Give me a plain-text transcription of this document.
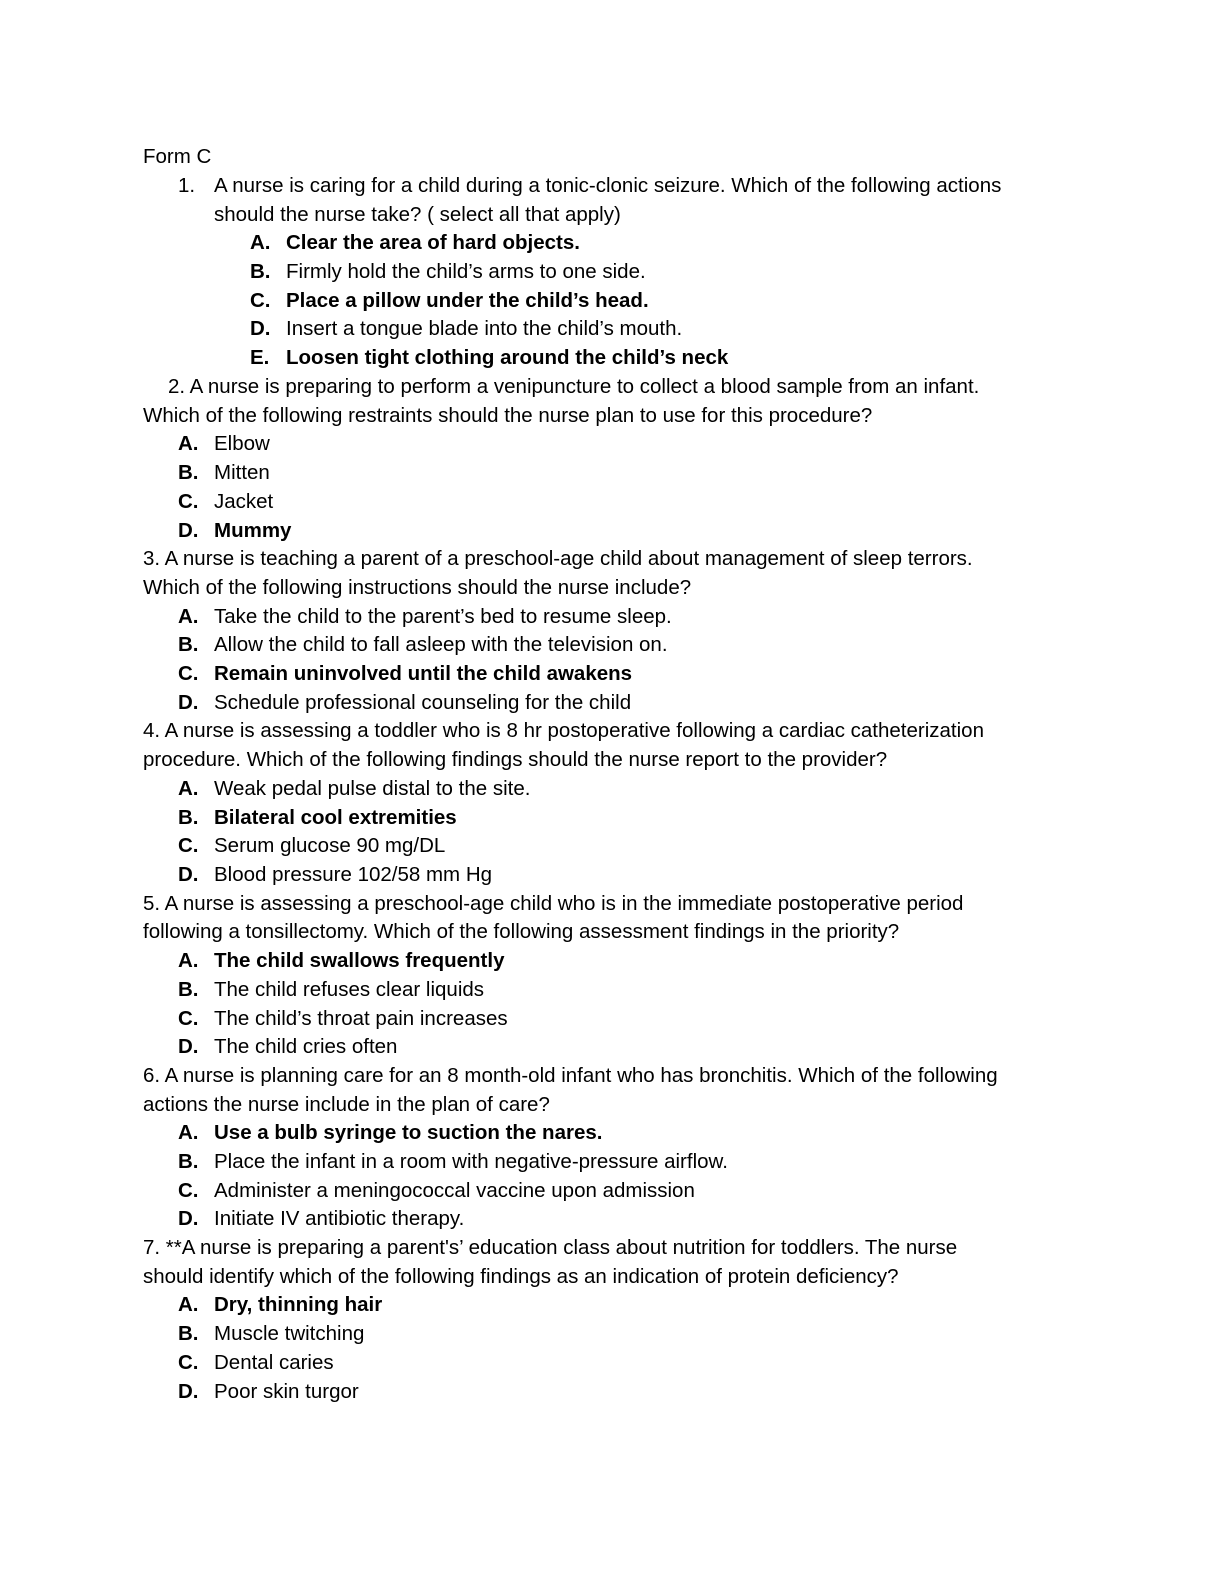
Form C
1. A nurse is caring for a child during a tonic-clonic seizure. Which of the following actions
should the nurse take? ( select all that apply)
A. Clear the area of hard objects.
B. Firmly hold the child’s arms to one side.
C. Place a pillow under the child’s head.
D. Insert a tongue blade into the child’s mouth.
E. Loosen tight clothing around the child’s neck
2. A nurse is preparing to perform a venipuncture to collect a blood sample from an infant.
Which of the following restraints should the nurse plan to use for this procedure?
A. Elbow
B. Mitten
C. Jacket
D. Mummy
3. A nurse is teaching a parent of a preschool-age child about management of sleep terrors.
Which of the following instructions should the nurse include?
A. Take the child to the parent’s bed to resume sleep.
B. Allow the child to fall asleep with the television on.
C. Remain uninvolved until the child awakens
D. Schedule professional counseling for the child
4. A nurse is assessing a toddler who is 8 hr postoperative following a cardiac catheterization
procedure. Which of the following findings should the nurse report to the provider?
A. Weak pedal pulse distal to the site.
B. Bilateral cool extremities
C. Serum glucose 90 mg/DL
D. Blood pressure 102/58 mm Hg
5. A nurse is assessing a preschool-age child who is in the immediate postoperative period
following a tonsillectomy. Which of the following assessment findings in the priority?
A. The child swallows frequently
B. The child refuses clear liquids
C. The child’s throat pain increases
D. The child cries often
6. A nurse is planning care for an 8 month-old infant who has bronchitis. Which of the following
actions the nurse include in the plan of care?
A. Use a bulb syringe to suction the nares.
B. Place the infant in a room with negative-pressure airflow.
C. Administer a meningococcal vaccine upon admission
D. Initiate IV antibiotic therapy.
7. **A nurse is preparing a parent's’ education class about nutrition for toddlers. The nurse
should identify which of the following findings as an indication of protein deficiency?
A. Dry, thinning hair
B. Muscle twitching
C. Dental caries
D. Poor skin turgor
